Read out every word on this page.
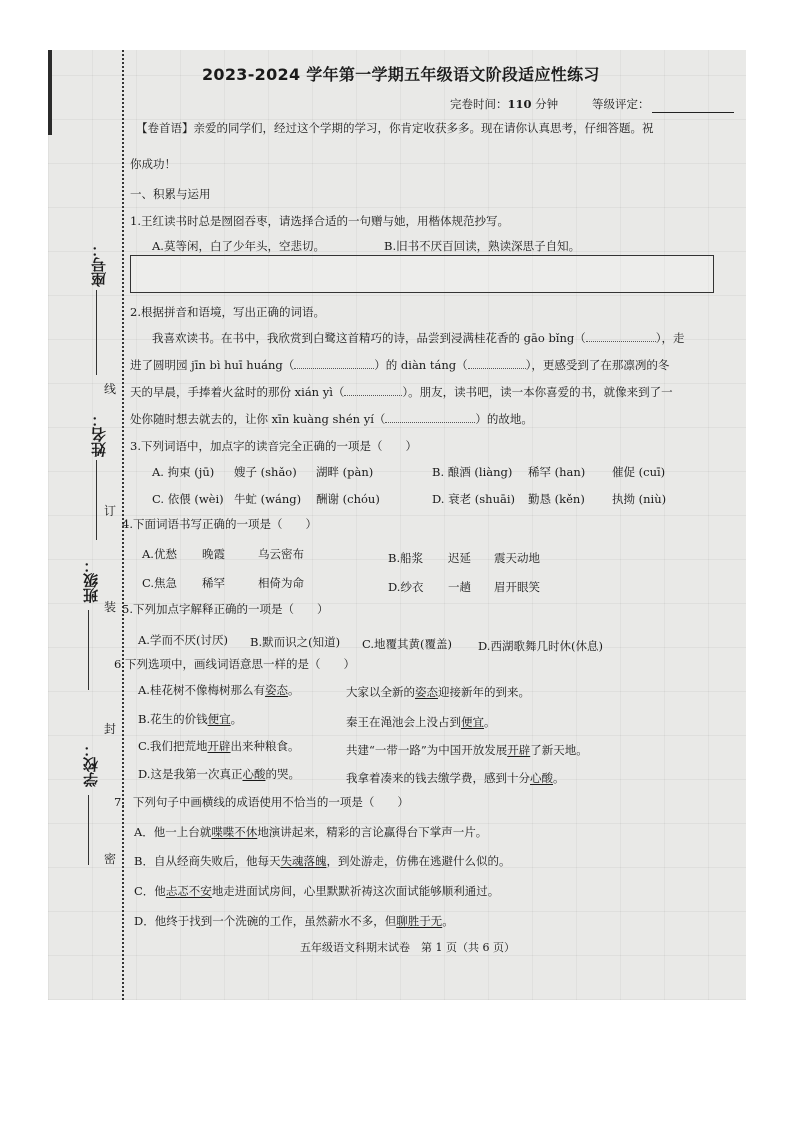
座号：
线
姓名：
订
班级：
装
封
学校：
密
2023-2024 学年第一学期五年级语文阶段适应性练习
完卷时间：110 分钟	等级评定：
【卷首语】亲爱的同学们，经过这个学期的学习，你肯定收获多多。现在请你认真思考，仔细答题。祝
你成功！
一、积累与运用
1.王红读书时总是囫囵吞枣，请选择合适的一句赠与她，用楷体规范抄写。
A.莫等闲，白了少年头，空悲切。	B.旧书不厌百回读，熟读深思子自知。
2.根据拼音和语境，写出正确的词语。
我喜欢读书。在书中，我欣赏到白鹭这首精巧的诗，品尝到浸满桂花香的 gāo bǐng（	），走
进了圆明园 jīn bì huī huáng（	）的 diàn táng（	），更感受到了在那凛冽的冬
天的早晨，手捧着火盆时的那份 xián yì（	）。朋友，读书吧，读一本你喜爱的书，就像来到了一
处你随时想去就去的，让你 xīn kuàng shén yí（	）的故地。
3.下列词语中，加点字的读音完全正确的一项是（　　）
A. 拘束 (jū) 嫂子 (shǎo) 湖畔 (pàn)	B. 酿酒 (liàng) 稀罕 (han) 催促 (cuī)
C. 依偎 (wèi) 牛虻 (wáng) 酬谢 (chóu)	D. 衰老 (shuāi) 勤恳 (kěn) 执拗 (niù)
4.下面词语书写正确的一项是（　　）
A.优愁 晚霞	乌云密布	B.船浆 迟延 震天动地
C.焦急 稀罕	相倚为命	D.纱衣 一趟 眉开眼笑
5.下列加点字解释正确的一项是（　　）
A.学而不厌(讨厌) B.默而识之(知道) C.地覆其黄(覆盖) D.西湖歌舞几时休(休息)
6.下列选项中，画线词语意思一样的是（　　）
A.桂花树不像梅树那么有姿态。	大家以全新的姿态迎接新年的到来。
B.花生的价钱便宜。	秦王在渑池会上没占到便宜。
C.我们把荒地开辟出来种粮食。	共建“一带一路”为中国开放发展开辟了新天地。
D.这是我第一次真正心酸的哭。	我拿着凑来的钱去缴学费，感到十分心酸。
7．下列句子中画横线的成语使用不恰当的一项是（　　）
A．他一上台就喋喋不休地演讲起来，精彩的言论赢得台下掌声一片。
B．自从经商失败后，他每天失魂落魄，到处游走，仿佛在逃避什么似的。
C．他忐忑不安地走进面试房间，心里默默祈祷这次面试能够顺利通过。
D．他终于找到一个洗碗的工作，虽然薪水不多，但聊胜于无。
五年级语文科期末试卷　第 1 页（共 6 页）
